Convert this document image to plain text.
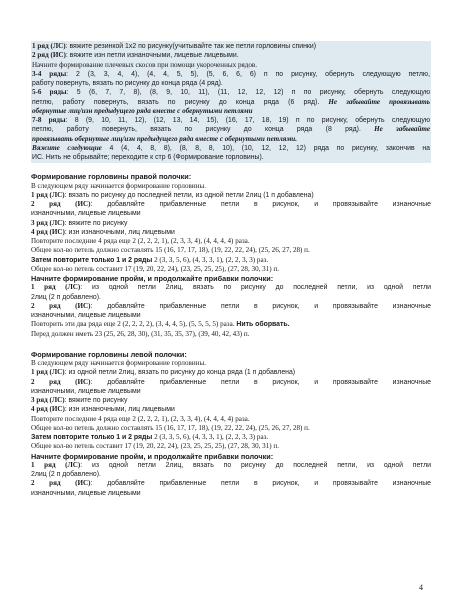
1 ряд (ЛС): вяжите резинкой 1х2 по рисунку(учитывайте так же петли горловины спинки)
2 ряд (ИС): вяжите изн петли изнаночными, лицевые лицевыми.
Начните формирование плечевых скосов при помощи укороченных рядов.
3-4 ряды: 2 (3, 3, 4, 4), (4, 4, 5, 5), (5, 6, 6, 6) п по рисунку, обернуть следующую петлю,
работу повернуть, вязать по рисунку до конца ряда (4 ряд).
5-6 ряды: 5 (6, 7, 7, 8), (8, 9, 10, 11), (11, 12, 12, 12) п по рисунку, обернуть следующую
петлю, работу повернуть, вязать по рисунку до конца ряда (6 ряд). Не забывайте провязывать
обернутые лиц/изн предыдущего ряда вместе с обернутыми петлями
7-8 ряды: 8 (9, 10, 11, 12), (12, 13, 14, 15), (16, 17, 18, 19) п по рисунку, обернуть следующую
петлю, работу повернуть, вязать по рисунку до конца ряда (8 ряд). Не забывайте
провязывать обернутые лиц/изн предыдущего ряда вместе с обернутыми петлями.
Вяжите следующие 4 (4, 4, 8, 8), (8, 8, 8, 10), (10, 12, 12, 12) ряда по рисунку, закончив на
ИС. Нить не обрывайте; переходите к стр 6 (Формирование горловины).
Формирование горловины правой полочки:
В следующем ряду начинается формирование горловины.
1 ряд (ЛС): вязать по рисунку до последней петли, из одной петли 2лиц (1 п добавлена)
2 ряд (ИС): добавляйте прибавленные петли в рисунок, и провязывайте изнаночные
изнаночными, лицевые лицевыми
3 ряд (ЛС): вяжите по рисунку
4 ряд (ИС): изн изнаночными, лиц лицевыми
Повторите последние 4 ряда еще 2 (2, 2, 2, 1), (2, 3, 3, 4), (4, 4, 4, 4) раза.
Общее кол-во петель должно составлять 15 (16, 17, 17, 18), (19, 22, 22, 24), (25, 26, 27, 28) п.
Затем повторите только 1 и 2 ряды 2 (3, 3, 5, 6), (4, 3, 3, 1), (2, 2, 3, 3) раз.
Общее кол-во петель составит 17 (19, 20, 22, 24), (23, 25, 25, 25), (27, 28, 30, 31) п.
Начните формирование пройм, и продолжайте прибавки полочки:
1 ряд (ЛС): из одной петли 2лиц, вязать по рисунку до последней петли, из одной петли
2лиц (2 п добавлено).
2 ряд (ИС): добавляйте прибавленные петли в рисунок, и провязывайте изнаночные
изнаночными, лицевые лицевыми
Повторить эти два ряда еще 2 (2, 2, 2, 2), (3, 4, 4, 5), (5, 5, 5, 5) раза. Нить оборвать.
Перед должен иметь 23 (25, 26, 28, 30), (31, 35, 35, 37), (39, 40, 42, 43) п.
Формирование горловины левой полочки:
В следующем ряду начинается формирование горловины.
1 ряд (ЛС): из одной петли 2лиц, вязать по рисунку до конца ряда (1 п добавлена)
2 ряд (ИС): добавляйте прибавленные петли в рисунок, и провязывайте изнаночные
изнаночными, лицевые лицевыми
3 ряд (ЛС): вяжите по рисунку
4 ряд (ИС): изн изнаночными, лиц лицевыми
Повторите последние 4 ряда еще 2 (2, 2, 2, 1), (2, 3, 3, 4), (4, 4, 4, 4) раза.
Общее кол-во петель должно составлять 15 (16, 17, 17, 18), (19, 22, 22, 24), (25, 26, 27, 28) п.
Затем повторите только 1 и 2 ряды 2 (3, 3, 5, 6), (4, 3, 3, 1), (2, 2, 3, 3) раз.
Общее кол-во петель составит 17 (19, 20, 22, 24), (23, 25, 25, 25), (27, 28, 30, 31) п.
Начните формирование пройм, и продолжайте прибавки полочки:
1 ряд (ЛС): из одной петли 2лиц, вязать по рисунку до последней петли, из одной петли
2лиц (2 п добавлено).
2 ряд (ИС): добавляйте прибавленные петли в рисунок, и провязывайте изнаночные
изнаночными, лицевые лицевыми
4
